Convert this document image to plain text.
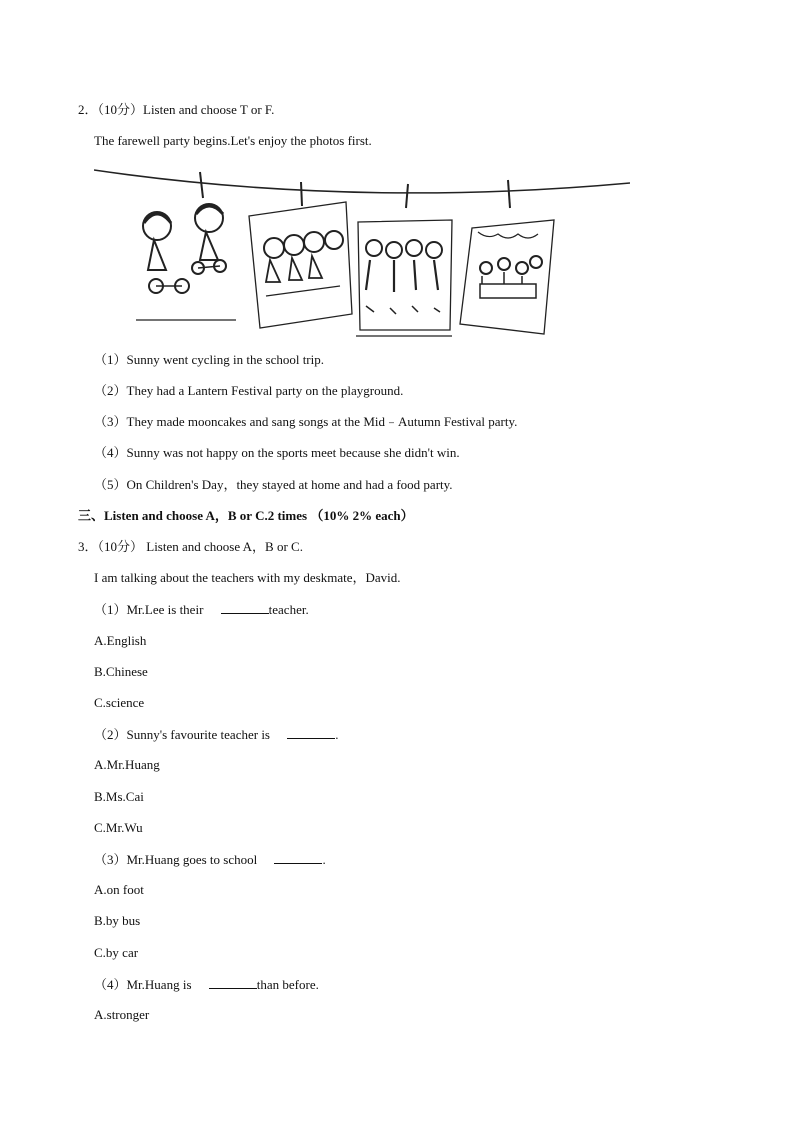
2．（10分）Listen and choose T or F.
The farewell party begins.Let's enjoy the photos first.
（1）Sunny went cycling in the school trip.
（2）They had a Lantern Festival party on the playground.
（3）They made mooncakes and sang songs at the Mid﹣Autumn Festival party.
（4）Sunny was not happy on the sports meet because she didn't win.
（5）On Children's Day，they stayed at home and had a food party.
三、Listen and choose A，B or C.2 times （10% 2% each）
3．（10分） Listen and choose A，B or C.
I am talking about the teachers with my deskmate，David.
（1）Mr.Lee is their	teacher.
A.English
B.Chinese
C.science
（2）Sunny's favourite teacher is	.
A.Mr.Huang
B.Ms.Cai
C.Mr.Wu
（3）Mr.Huang goes to school	.
A.on foot
B.by bus
C.by car
（4）Mr.Huang is	than before.
A.stronger
